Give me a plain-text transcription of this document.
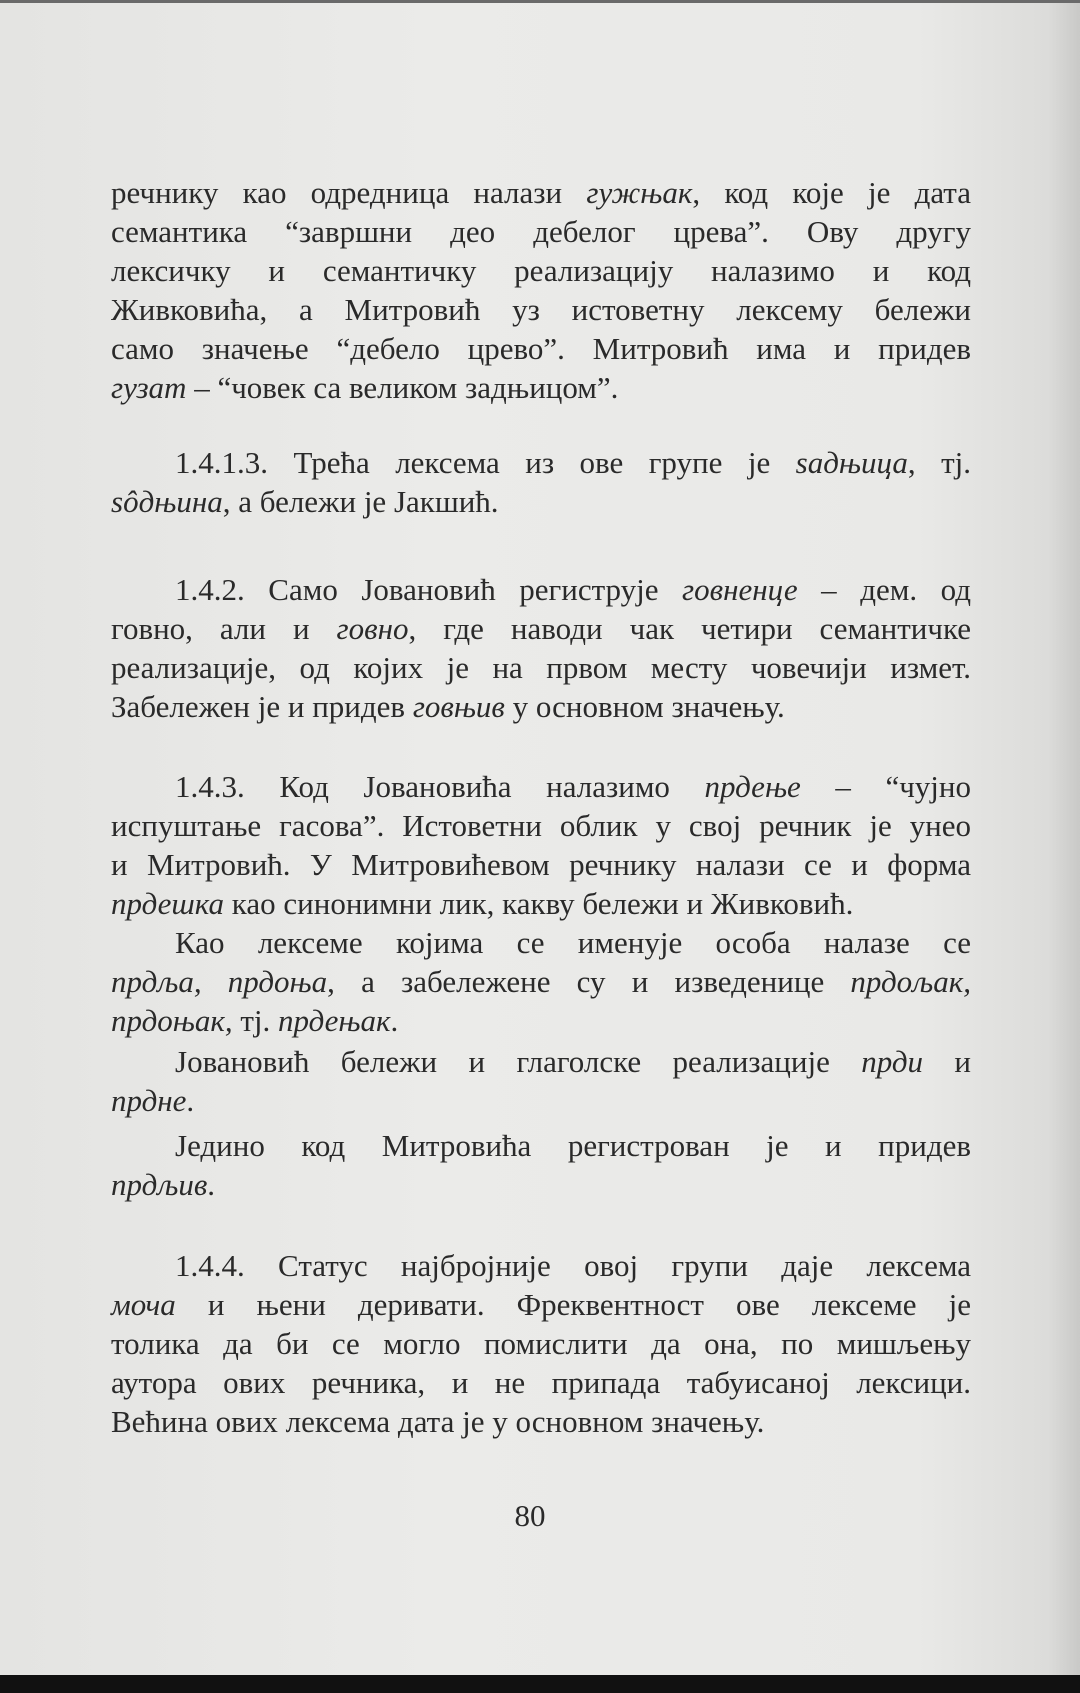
речнику као одредница налази гужњак, код које је дата
семантика “завршни део дебелог црева”. Ову другу
лексичку и семантичку реализацију налазимо и код
Живковића, а Митровић уз истоветну лексему бележи
само значење “дебело црево”. Митровић има и придев
гузат – “човек са великом задњицом”.
1.4.1.3. Трећа лексема из ове групе је sадњица, тј.
sôдњина, а бележи је Јакшић.
1.4.2. Само Јовановић региструје говненце – дем. од
говно, али и говно, где наводи чак четири семантичке
реализације, од којих је на првом месту човечији измет.
Забележен је и придев говњив у основном значењу.
1.4.3. Код Јовановића налазимо прдење – “чујно
испуштање гасова”. Истоветни облик у свој речник је унео
и Митровић. У Митровићевом речнику налази се и форма
прдешка као синонимни лик, какву бележи и Живковић.
Као лексеме којима се именује особа налазе се
прдља, прдоња, а забележене су и изведенице прдољак,
прдоњак, тј. прдењак.
Јовановић бележи и глаголске реализације прди и
прдне.
Једино код Митровића регистрован је и придев
прдљив.
1.4.4. Статус најбројније овој групи даје лексема
моча и њени деривати. Фреквентност ове лексеме је
толика да би се могло помислити да она, по мишљењу
аутора ових речника, и не припада табуисаној лексици.
Већина ових лексема дата је у основном значењу.
80
